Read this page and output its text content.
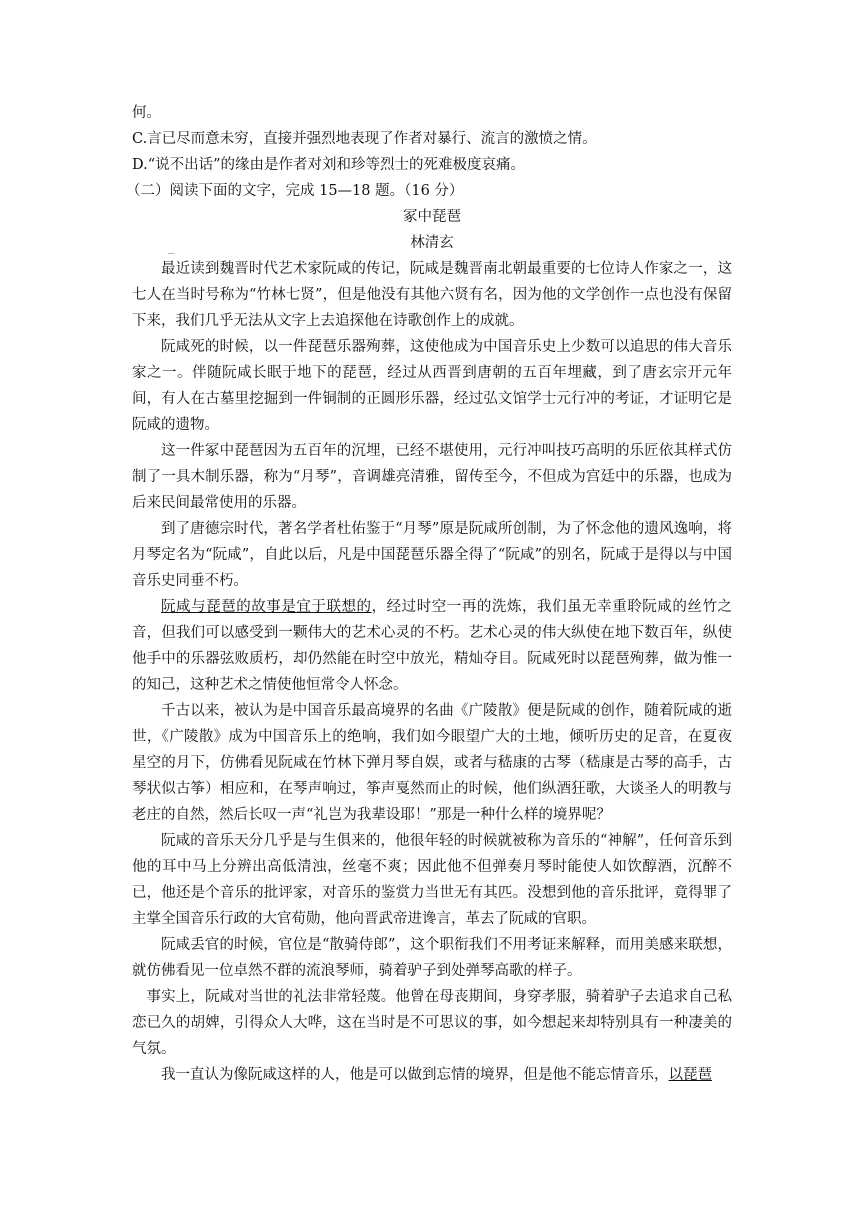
何。
C.言已尽而意未穷，直接并强烈地表现了作者对暴行、流言的激愤之情。
D.“说不出话”的缘由是作者对刘和珍等烈士的死难极度哀痛。
（二）阅读下面的文字，完成 15—18 题。（16 分）
冢中琵琶
林清玄

最近读到魏晋时代艺术家阮咸的传记，阮咸是魏晋南北朝最重要的七位诗人作家之一，这七人在当时号称为“竹林七贤”，但是他没有其他六贤有名，因为他的文学创作一点也没有保留下来，我们几乎无法从文字上去追探他在诗歌创作上的成就。

阮咸死的时候，以一件琵琶乐器殉葬，这使他成为中国音乐史上少数可以追思的伟大音乐家之一。伴随阮咸长眠于地下的琵琶，经过从西晋到唐朝的五百年埋藏，到了唐玄宗开元年间，有人在古墓里挖掘到一件铜制的正圆形乐器，经过弘文馆学士元行冲的考证，才证明它是阮咸的遗物。

这一件冢中琵琶因为五百年的沉埋，已经不堪使用，元行冲叫技巧高明的乐匠依其样式仿制了一具木制乐器，称为“月琴”，音调雄亮清雅，留传至今，不但成为宫廷中的乐器，也成为后来民间最常使用的乐器。

到了唐德宗时代，著名学者杜佑鉴于“月琴”原是阮咸所创制，为了怀念他的遗风逸响，将月琴定名为“阮咸”，自此以后，凡是中国琵琶乐器全得了“阮咸”的别名，阮咸于是得以与中国音乐史同垂不朽。

阮咸与琵琶的故事是宜于联想的，经过时空一再的洗炼，我们虽无幸重聆阮咸的丝竹之音，但我们可以感受到一颗伟大的艺术心灵的不朽。艺术心灵的伟大纵使在地下数百年，纵使他手中的乐器弦败质朽，却仍然能在时空中放光，精灿夺目。阮咸死时以琵琶殉葬，做为惟一的知己，这种艺术之情使他恒常令人怀念。

千古以来，被认为是中国音乐最高境界的名曲《广陵散》便是阮咸的创作，随着阮咸的逝世，《广陵散》成为中国音乐上的绝响，我们如今眼望广大的土地，倾听历史的足音，在夏夜星空的月下，仿佛看见阮咸在竹林下弹月琴自娱，或者与嵇康的古琴（嵇康是古琴的高手，古琴状似古筝）相应和，在琴声响过，筝声戛然而止的时候，他们纵酒狂歌，大谈圣人的明教与老庄的自然，然后长叹一声“礼岂为我辈设耶！”那是一种什么样的境界呢？

阮咸的音乐天分几乎是与生俱来的，他很年轻的时候就被称为音乐的“神解”，任何音乐到他的耳中马上分辨出高低清浊，丝毫不爽；因此他不但弹奏月琴时能使人如饮醇酒，沉醉不已，他还是个音乐的批评家，对音乐的鉴赏力当世无有其匹。没想到他的音乐批评，竟得罪了主掌全国音乐行政的大官荀勋，他向晋武帝进谗言，革去了阮咸的官职。

阮咸丢官的时候，官位是“散骑侍郎”，这个职衔我们不用考证来解释，而用美感来联想，就仿佛看见一位卓然不群的流浪琴师，骑着驴子到处弹琴高歌的样子。

事实上，阮咸对当世的礼法非常轻蔑。他曾在母丧期间，身穿孝服，骑着驴子去追求自己私恋已久的胡婢，引得众人大哗，这在当时是不可思议的事，如今想起来却特别具有一种凄美的气氛。

我一直认为像阮咸这样的人，他是可以做到忘情的境界，但是他不能忘情音乐，以琵琶
